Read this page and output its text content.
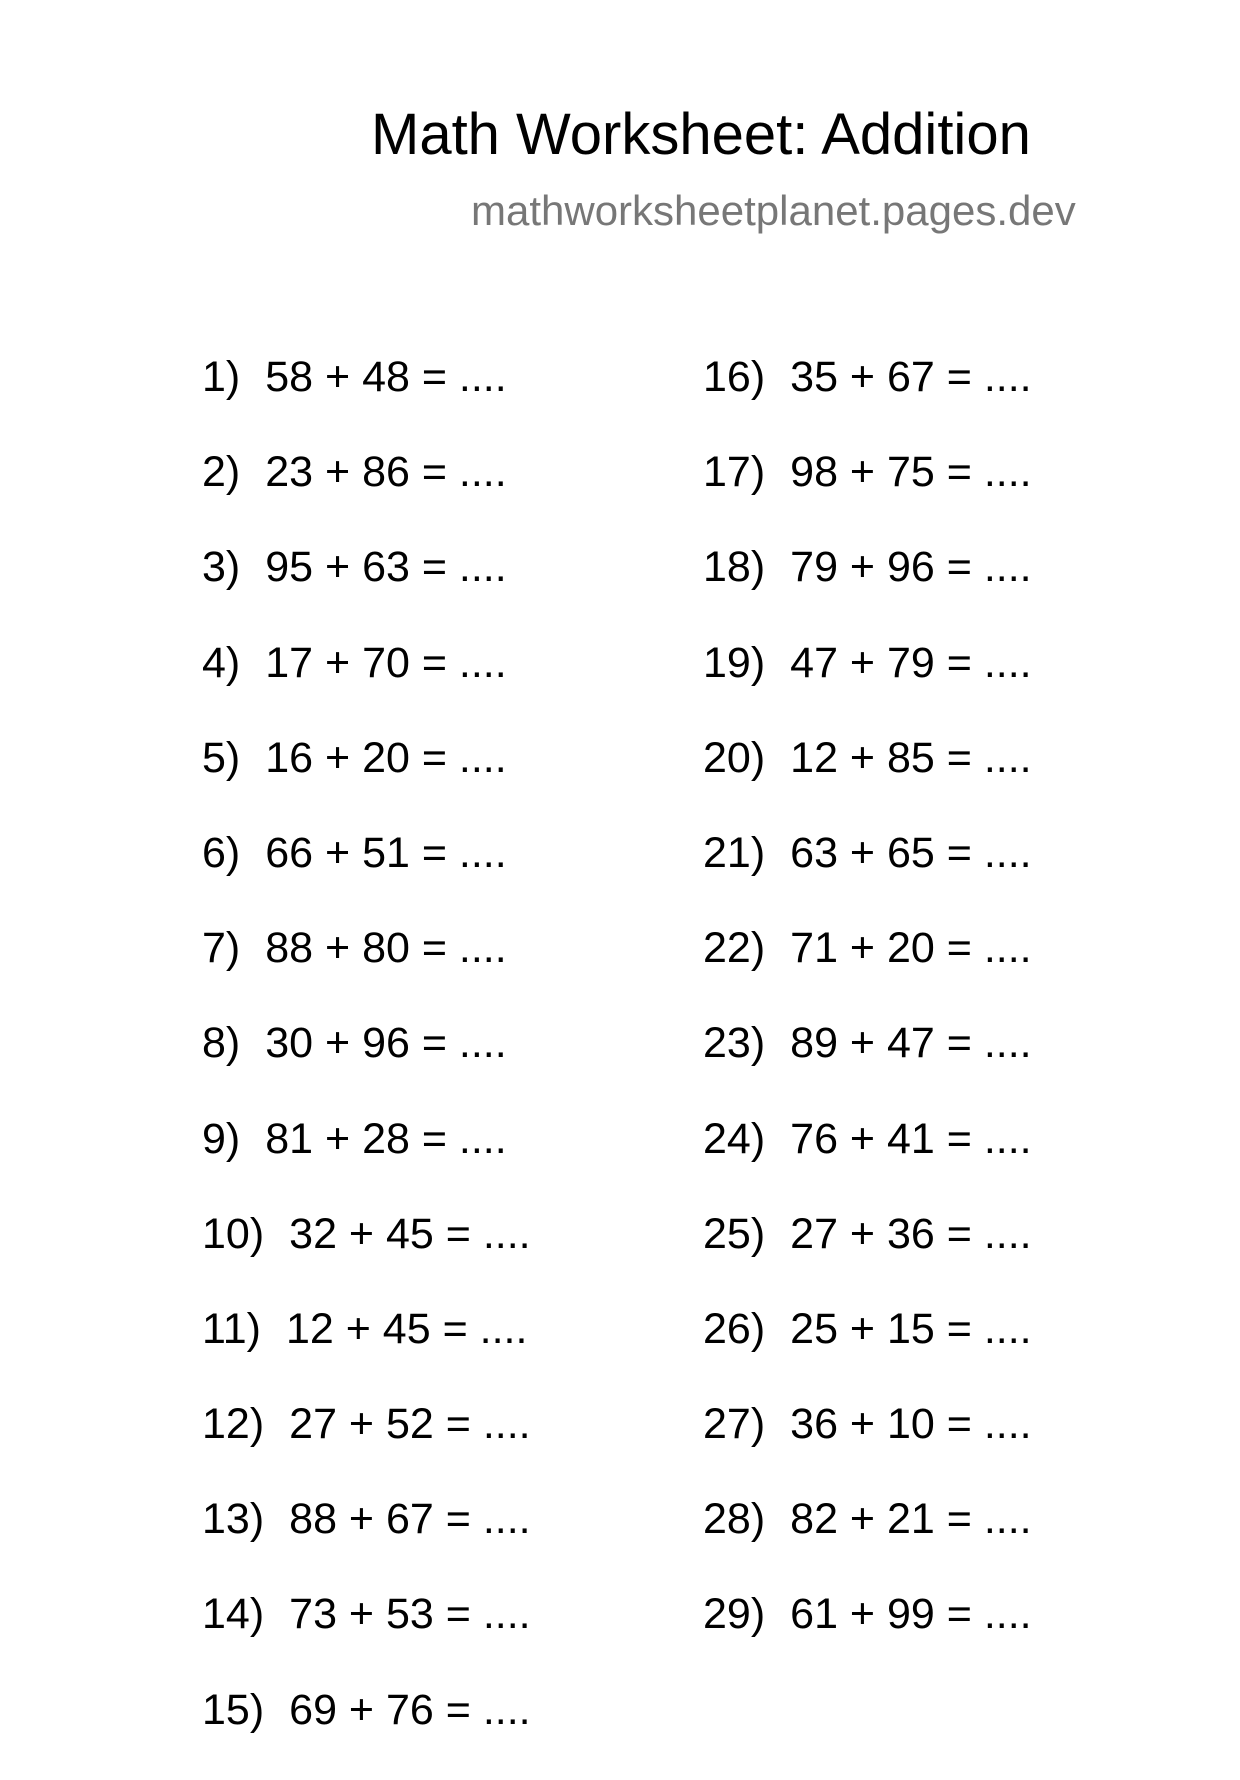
Math Worksheet: Addition
mathworksheetplanet.pages.dev
1) 58 + 48 = ....
2) 23 + 86 = ....
3) 95 + 63 = ....
4) 17 + 70 = ....
5) 16 + 20 = ....
6) 66 + 51 = ....
7) 88 + 80 = ....
8) 30 + 96 = ....
9) 81 + 28 = ....
10) 32 + 45 = ....
11) 12 + 45 = ....
12) 27 + 52 = ....
13) 88 + 67 = ....
14) 73 + 53 = ....
15) 69 + 76 = ....
16) 35 + 67 = ....
17) 98 + 75 = ....
18) 79 + 96 = ....
19) 47 + 79 = ....
20) 12 + 85 = ....
21) 63 + 65 = ....
22) 71 + 20 = ....
23) 89 + 47 = ....
24) 76 + 41 = ....
25) 27 + 36 = ....
26) 25 + 15 = ....
27) 36 + 10 = ....
28) 82 + 21 = ....
29) 61 + 99 = ....
